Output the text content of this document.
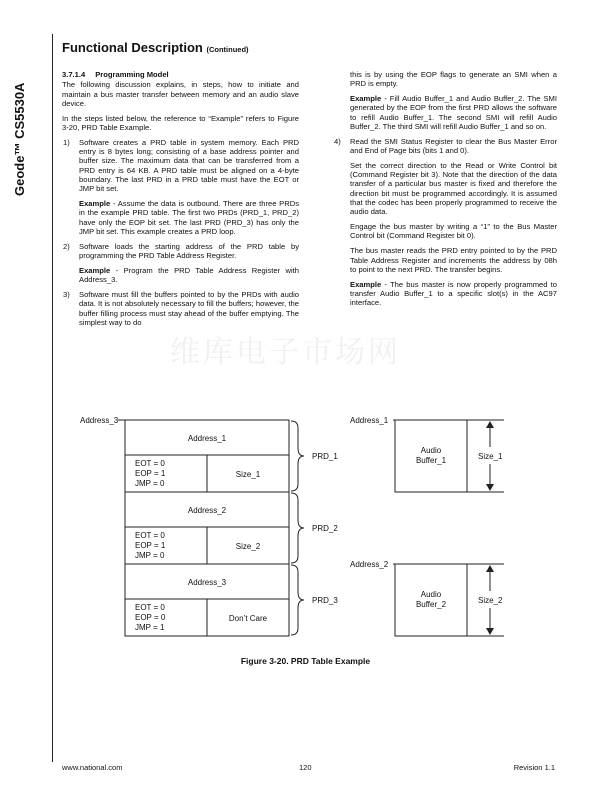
Geode™ CS5530A
Functional Description (Continued)

3.7.1.4 Programming Model

The following discussion explains, in steps, how to initiate and maintain a bus master transfer between memory and an audio slave device.

In the steps listed below, the reference to “Example” refers to Figure 3-20, PRD Table Example.

1) Software creates a PRD table in system memory. Each PRD entry is 8 bytes long; consisting of a base address pointer and buffer size. The maximum data that can be transferred from a PRD entry is 64 KB. A PRD table must be aligned on a 4-byte boundary. The last PRD in a PRD table must have the EOT or JMP bit set.

Example - Assume the data is outbound. There are three PRDs in the example PRD table. The first two PRDs (PRD_1, PRD_2) have only the EOP bit set. The last PRD (PRD_3) has only the JMP bit set. This example creates a PRD loop.

2) Software loads the starting address of the PRD table by programming the PRD Table Address Register.

Example - Program the PRD Table Address Register with Address_3.

3) Software must fill the buffers pointed to by the PRDs with audio data. It is not absolutely necessary to fill the buffers; however, the buffer filling process must stay ahead of the buffer emptying. The simplest way to do

this is by using the EOP flags to generate an SMI when a PRD is empty.

Example - Fill Audio Buffer_1 and Audio Buffer_2. The SMI generated by the EOP from the first PRD allows the software to refill Audio Buffer_1. The second SMI will refill Audio Buffer_2. The third SMI will refill Audio Buffer_1 and so on.

4) Read the SMI Status Register to clear the Bus Master Error and End of Page bits (bits 1 and 0).

Set the correct direction to the Read or Write Control bit (Command Register bit 3). Note that the direction of the data transfer of a particular bus master is fixed and therefore the direction bit must be programmed accordingly. It is assumed that the codec has been properly programmed to receive the audio data.

Engage the bus master by writing a “1” to the Bus Master Control bit (Command Register bit 0).

The bus master reads the PRD entry pointed to by the PRD Table Address Register and increments the address by 08h to point to the next PRD. The transfer begins.

Example - The bus master is now properly programmed to transfer Audio Buffer_1 to a specific slot(s) in the AC97 interface.

维库电子市场网
Address_3
Address_1
EOT = 0
EOP = 1
JMP = 0
Size_1
PRD_1
Address_2
EOT = 0
EOP = 1
JMP = 0
Size_2
PRD_2
Address_3
EOT = 0
EOP = 0
JMP = 1
Don’t Care
PRD_3
Address_1
Audio
Buffer_1	Size_1
Address_2
Audio
Buffer_2	Size_2
Figure 3-20. PRD Table Example
www.national.com	120	Revision 1.1
